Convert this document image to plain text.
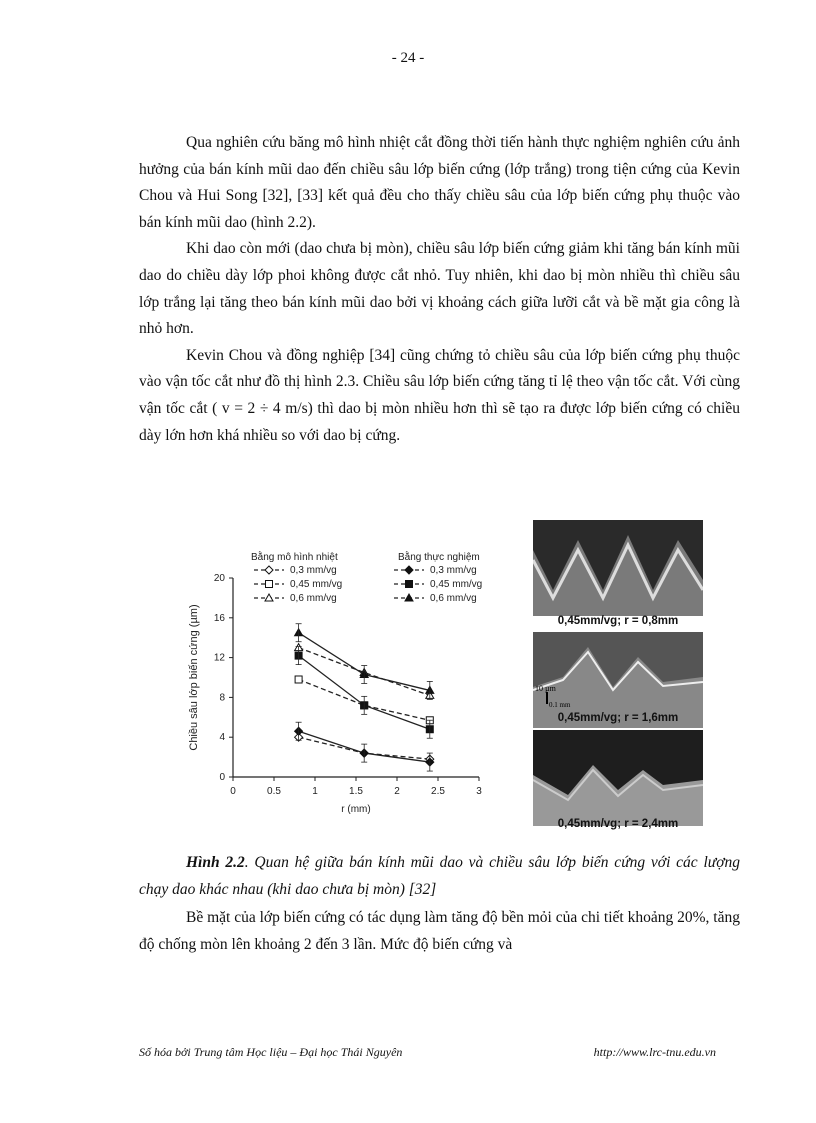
- 24 -

Qua nghiên cứu băng mô hình nhiệt cắt đồng thời tiến hành thực nghiệm nghiên cứu ảnh hưởng của bán kính mũi dao đến chiều sâu lớp biến cứng (lớp trắng) trong tiện cứng của Kevin Chou và Hui Song [32], [33] kết quả đều cho thấy chiều sâu của lớp biến cứng phụ thuộc vào bán kính mũi dao (hình 2.2).

Khi dao còn mới (dao chưa bị mòn), chiều sâu lớp biến cứng giảm khi tăng bán kính mũi dao do chiều dày lớp phoi không được cắt nhỏ. Tuy nhiên, khi dao bị mòn nhiều thì chiều sâu lớp trắng lại tăng theo bán kính mũi dao bởi vị khoảng cách giữa lưỡi cắt và bề mặt gia công là nhỏ hơn.

Kevin Chou và đồng nghiệp [34] cũng chứng tỏ chiều sâu của lớp biến cứng phụ thuộc vào vận tốc cắt như đồ thị hình 2.3. Chiều sâu lớp biến cứng tăng tỉ lệ theo vận tốc cắt. Với cùng vận tốc cắt ( v = 2 ÷ 4 m/s) thì dao bị mòn nhiều hơn thì sẽ tạo ra được lớp biến cứng có chiều dày lớn hơn khá nhiều so với dao bị cứng.

0	0.5	1	1.5	2	2.5	3
0
4
8
12
16
20
r (mm)
Chiều sâu lớp biến cứng (µm)
Bằng mô hình nhiệt	Bằng thực nghiệm
0,3 mm/vg
0,45 mm/vg
0,6 mm/vg
0,3 mm/vg
0,45 mm/vg
0,6 mm/vg
0,45mm/vg; r = 0,8mm
10 µm
0.1 mm
0,45mm/vg; r = 1,6mm
0,45mm/vg; r = 2,4mm
Hình 2.2. Quan hệ giữa bán kính mũi dao và chiều sâu lớp biến cứng với các lượng chạy dao khác nhau (khi dao chưa bị mòn) [32]

Bề mặt của lớp biến cứng có tác dụng làm tăng độ bền mỏi của chi tiết khoảng 20%, tăng độ chống mòn lên khoảng 2 đến 3 lần. Mức độ biến cứng và

Số hóa bởi Trung tâm Học liệu – Đại học Thái Nguyên	http://www.lrc-tnu.edu.vn
